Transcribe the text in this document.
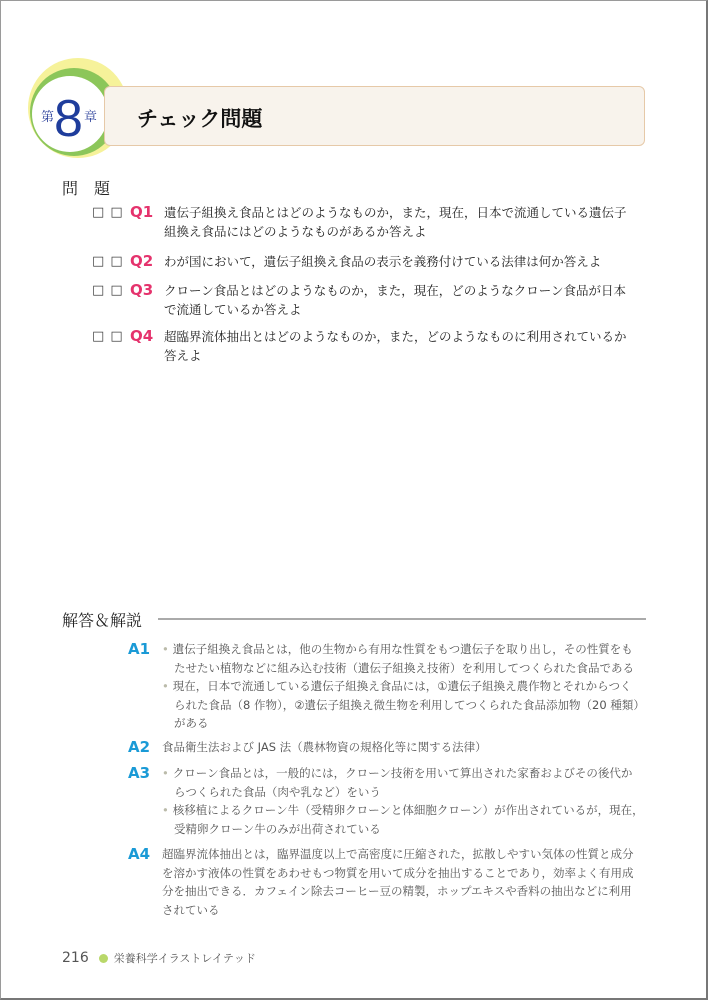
第 8 章 チェック問題
問　題
□ □ Q1 遺伝子組換え食品とはどのようなものか，また，現在，日本で流通している遺伝子
組換え食品にはどのようなものがあるか答えよ
□ □ Q2 わが国において，遺伝子組換え食品の表示を義務付けている法律は何か答えよ
□ □ Q3 クローン食品とはどのようなものか，また，現在，どのようなクローン食品が日本
で流通しているか答えよ
□ □ Q4 超臨界流体抽出とはどのようなものか，また，どのようなものに利用されているか
答えよ
解答＆解説
A1	• 遺伝子組換え食品とは，他の生物から有用な性質をもつ遺伝子を取り出し，その性質をも
たせたい植物などに組み込む技術（遺伝子組換え技術）を利用してつくられた食品である
• 現在，日本で流通している遺伝子組換え食品には，①遺伝子組換え農作物とそれからつく
られた食品（8 作物），②遺伝子組換え微生物を利用してつくられた食品添加物（20 種類）
がある
A2	食品衛生法および JAS 法（農林物資の規格化等に関する法律）
A3	• クローン食品とは，一般的には，クローン技術を用いて算出された家畜およびその後代か
らつくられた食品（肉や乳など）をいう
• 核移植によるクローン牛（受精卵クローンと体細胞クローン）が作出されているが，現在，
受精卵クローン牛のみが出荷されている
A4	超臨界流体抽出とは，臨界温度以上で高密度に圧縮された，拡散しやすい気体の性質と成分
を溶かす液体の性質をあわせもつ物質を用いて成分を抽出することであり，効率よく有用成
分を抽出できる．カフェイン除去コーヒー豆の精製，ホップエキスや香料の抽出などに利用
されている
216 栄養科学イラストレイテッド
